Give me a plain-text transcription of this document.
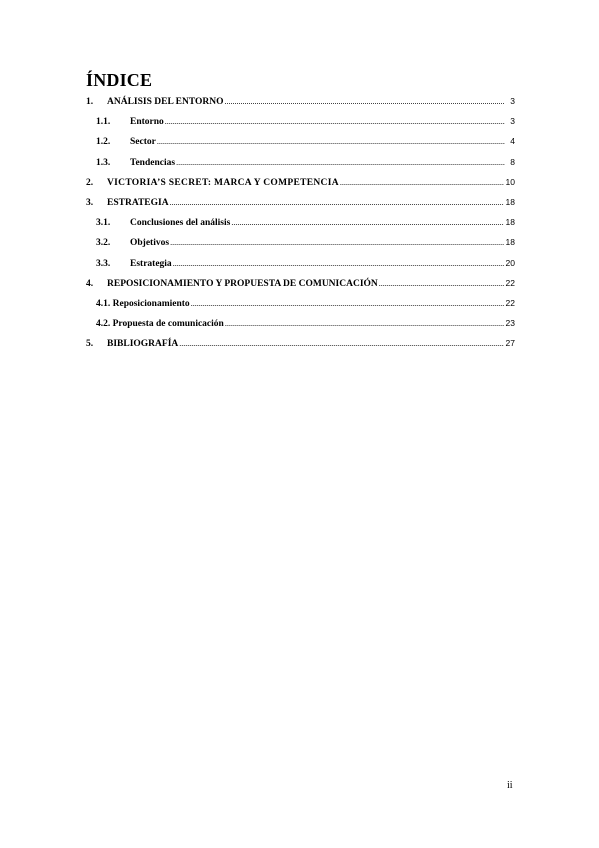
ÍNDICE
1.	ANÁLISIS DEL ENTORNO .....	3
1.1.	Entorno .....	3
1.2.	Sector .....	4
1.3.	Tendencias .....	8
2.	VICTORIA’S SECRET: MARCA Y COMPETENCIA .....	10
3.	ESTRATEGIA .....	18
3.1.	Conclusiones del análisis .....	18
3.2.	Objetivos .....	18
3.3.	Estrategia .....	20
4.	REPOSICIONAMIENTO Y PROPUESTA DE COMUNICACIÓN .....	22
4.1. Reposicionamiento .....	22
4.2. Propuesta de comunicación .....	23
5.	BIBLIOGRAFÍA .....	27
ii
